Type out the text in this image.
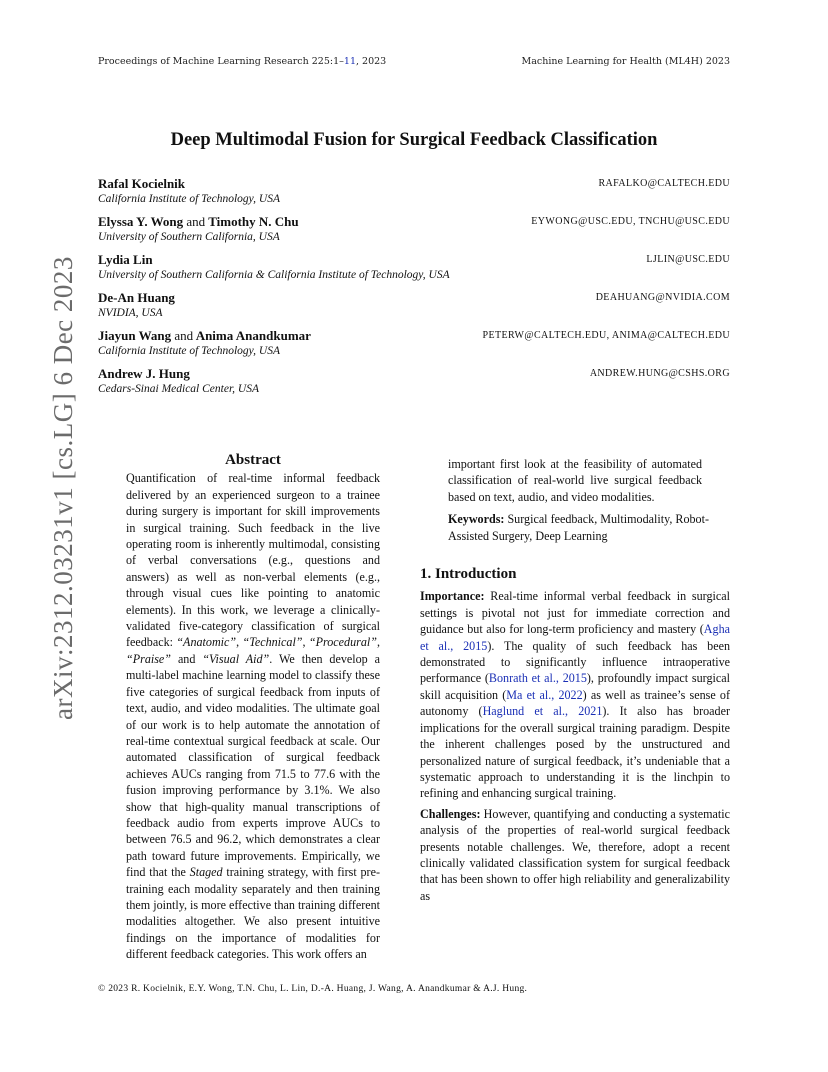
Proceedings of Machine Learning Research 225:1–11, 2023	Machine Learning for Health (ML4H) 2023
arXiv:2312.03231v1 [cs.LG] 6 Dec 2023
Deep Multimodal Fusion for Surgical Feedback Classification
Rafal Kocielnik
California Institute of Technology, USA
RAFALKO@CALTECH.EDU
Elyssa Y. Wong and Timothy N. Chu
University of Southern California, USA
EYWONG@USC.EDU, TNCHU@USC.EDU
Lydia Lin
University of Southern California & California Institute of Technology, USA
LJLIN@USC.EDU
De-An Huang
NVIDIA, USA
DEAHUANG@NVIDIA.COM
Jiayun Wang and Anima Anandkumar
California Institute of Technology, USA
PETERW@CALTECH.EDU, ANIMA@CALTECH.EDU
Andrew J. Hung
Cedars-Sinai Medical Center, USA
ANDREW.HUNG@CSHS.ORG
Abstract

Quantification of real-time informal feedback delivered by an experienced surgeon to a trainee during surgery is important for skill improvements in surgical training. Such feedback in the live operating room is inherently multimodal, consisting of verbal conversations (e.g., questions and answers) as well as non-verbal elements (e.g., through visual cues like pointing to anatomic elements). In this work, we leverage a clinically-validated five-category classification of surgical feedback: “Anatomic”, “Technical”, “Procedural”, “Praise” and “Visual Aid”. We then develop a multi-label machine learning model to classify these five categories of surgical feedback from inputs of text, audio, and video modalities. The ultimate goal of our work is to help automate the annotation of real-time contextual surgical feedback at scale. Our automated classification of surgical feedback achieves AUCs ranging from 71.5 to 77.6 with the fusion improving performance by 3.1%. We also show that high-quality manual transcriptions of feedback audio from experts improve AUCs to between 76.5 and 96.2, which demonstrates a clear path toward future improvements. Empirically, we find that the Staged training strategy, with first pre-training each modality separately and then training them jointly, is more effective than training different modalities altogether. We also present intuitive findings on the importance of modalities for different feedback categories. This work offers an

important first look at the feasibility of automated classification of real-world live surgical feedback based on text, audio, and video modalities.

Keywords: Surgical feedback, Multimodality, Robot-Assisted Surgery, Deep Learning

1. Introduction

Importance: Real-time informal verbal feedback in surgical settings is pivotal not just for immediate correction and guidance but also for long-term proficiency and mastery (Agha et al., 2015). The quality of such feedback has been demonstrated to significantly influence intraoperative performance (Bonrath et al., 2015), profoundly impact surgical skill acquisition (Ma et al., 2022) as well as trainee’s sense of autonomy (Haglund et al., 2021). It also has broader implications for the overall surgical training paradigm. Despite the inherent challenges posed by the unstructured and personalized nature of surgical feedback, it’s undeniable that a systematic approach to understanding it is the linchpin to refining and enhancing surgical training.

Challenges: However, quantifying and conducting a systematic analysis of the properties of real-world surgical feedback presents notable challenges. We, therefore, adopt a recent clinically validated classification system for surgical feedback that has been shown to offer high reliability and generalizability as

© 2023 R. Kocielnik, E.Y. Wong, T.N. Chu, L. Lin, D.-A. Huang, J. Wang, A. Anandkumar & A.J. Hung.
